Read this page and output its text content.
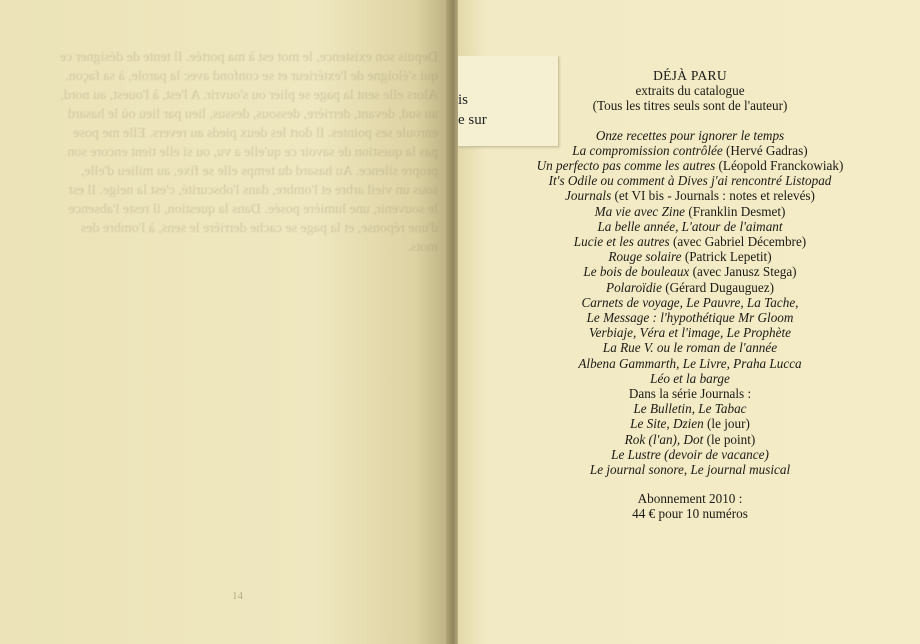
Depuis son existence, le mot est à ma portée. Il tente de désigner ce qui s'éloigne de l'extérieur et se confond avec la parole, à sa façon. Alors elle sent la page se plier ou s'ouvrir. A l'est, à l'ouest, au nord, au sud, devant, derrière, dessous, dessus, lieu par lieu où le hasard enroule ses pointes. Il dort les deux pieds au revers. Elle me pose pas la question de savoir ce qu'elle a vu, ou si elle tient encore son propre silence. Au hasard du temps elle se fixe, au milieu d'elle, sous un vieil arbre et l'ombre, dans l'obscurité, c'est la neige. Il est le souvenir, une lumière posée. Dans la question, il reste l'absence d'une réponse, et la page se cache derrière le sens, à l'ombre des mots.
14
is
e sur
DÉJÀ PARU
extraits du catalogue
(Tous les titres seuls sont de l'auteur)
Onze recettes pour ignorer le temps
La compromission contrôlée (Hervé Gadras)
Un perfecto pas comme les autres (Léopold Franckowiak)
It's Odile ou comment à Dives j'ai rencontré Listopad
Journals (et VI bis - Journals : notes et relevés)
Ma vie avec Zine (Franklin Desmet)
La belle année, L'atour de l'aimant
Lucie et les autres (avec Gabriel Décembre)
Rouge solaire (Patrick Lepetit)
Le bois de bouleaux (avec Janusz Stega)
Polaroïdie (Gérard Dugauguez)
Carnets de voyage, Le Pauvre, La Tache,
Le Message : l'hypothétique Mr Gloom
Verbiaje, Véra et l'image, Le Prophète
La Rue V. ou le roman de l'année
Albena Gammarth, Le Livre, Praha Lucca
Léo et la barge
Dans la série Journals :
Le Bulletin, Le Tabac
Le Site, Dzien (le jour)
Rok (l'an), Dot (le point)
Le Lustre (devoir de vacance)
Le journal sonore, Le journal musical
Abonnement 2010 :
44 € pour 10 numéros
